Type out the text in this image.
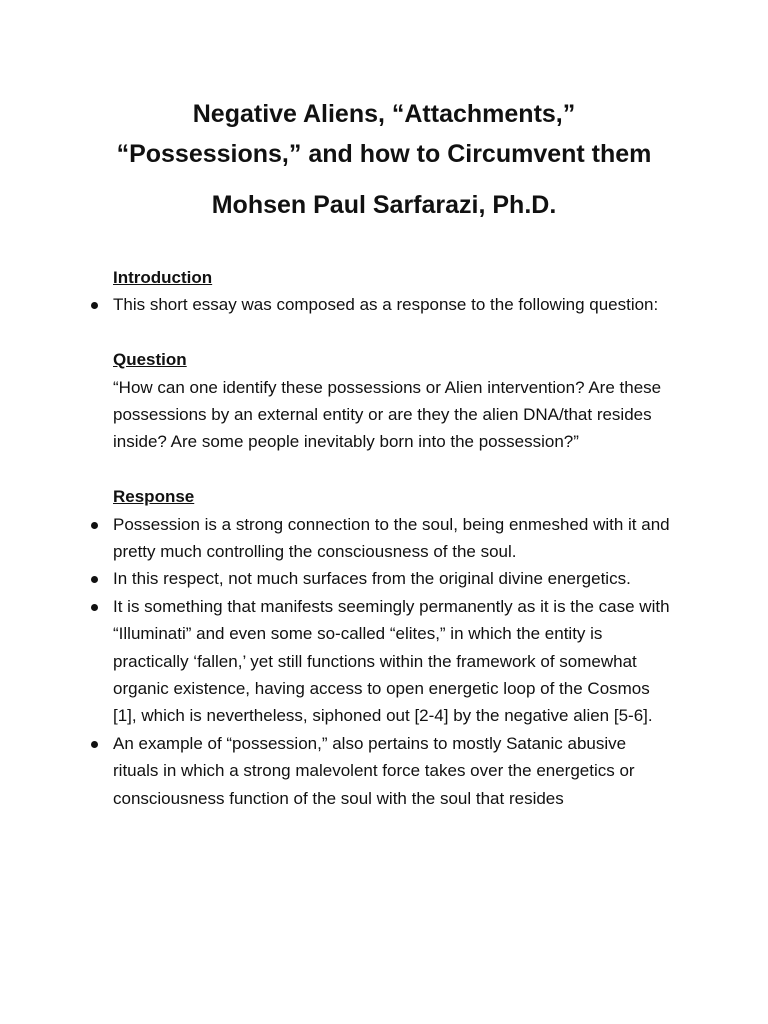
Negative Aliens, “Attachments,”
“Possessions,” and how to Circumvent them
Mohsen Paul Sarfarazi, Ph.D.
Introduction
This short essay was composed as a response to the following question:
Question
“How can one identify these possessions or Alien intervention? Are these possessions by an external entity or are they the alien DNA/that resides inside? Are some people inevitably born into the possession?”
Response
Possession is a strong connection to the soul, being enmeshed with it and pretty much controlling the consciousness of the soul.
In this respect, not much surfaces from the original divine energetics.
It is something that manifests seemingly permanently as it is the case with “Illuminati” and even some so-called “elites,” in which the entity is practically ‘fallen,’ yet still functions within the framework of somewhat organic existence, having access to open energetic loop of the Cosmos [1], which is nevertheless, siphoned out [2-4] by the negative alien [5-6].
An example of “possession,” also pertains to mostly Satanic abusive rituals in which a strong malevolent force takes over the energetics or consciousness function of the soul with the soul that resides
